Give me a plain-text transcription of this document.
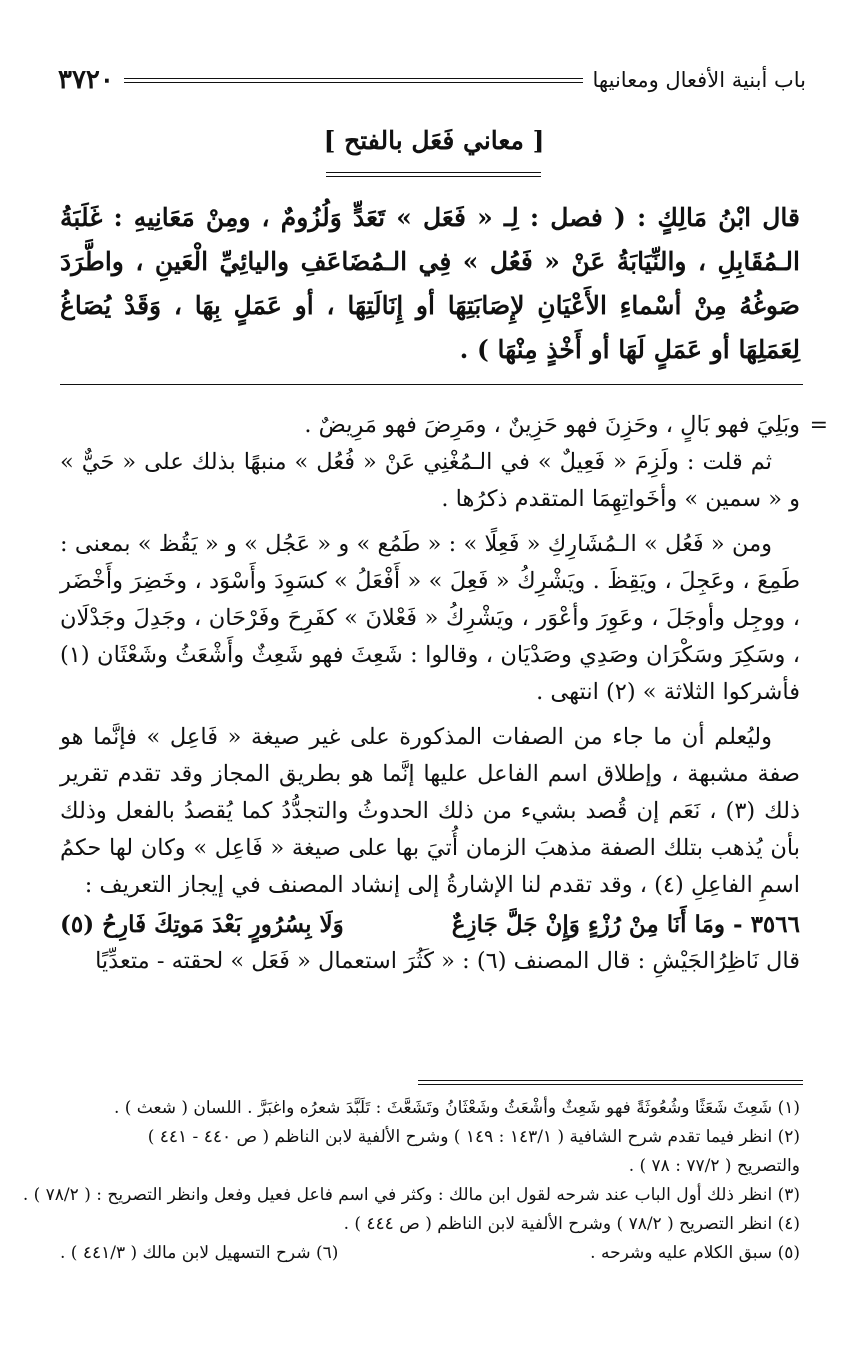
باب أبنية الأفعال ومعانيها
٣٧٢٠
[ معاني فَعَل بالفتح ]
قال ابْنُ مَالِكٍ : ( فصل : لِـ « فَعَل » تَعَدٍّ وَلُزُومٌ ، ومِنْ مَعَانِيهِ : غَلَبَةُ الـمُقَابِلِ ، والنِّيَابَةُ عَنْ « فَعُل » فِي الـمُضَاعَفِ واليائِيِّ الْعَينِ ، واطَّرَدَ صَوغُهُ مِنْ أسْماءِ الأَعْيَانِ لإِصَابَتِهَا أو إِنَالَتِهَا ، أو عَمَلٍ بِهَا ، وَقَدْ يُصَاغُ لِعَمَلِهَا أو عَمَلٍ لَهَا أو أَخْذٍ مِنْهَا ) .
=

وبَلِيَ فهو بَالٍ ، وحَزِنَ فهو حَزِينٌ ، ومَرِضَ فهو مَرِيضٌ .

ثم قلت : ولَزِمَ « فَعِيلٌ » في الـمُغْنِي عَنْ « فُعُل » منبهًا بذلك على « حَيٌّ » و « سمين » وأخَواتِهِمَا المتقدم ذكرُها .

ومن « فَعُل » الـمُشَارِكِ « فَعِلًا » : « طَمُع » و « عَجُل » و « يَقُظ » بمعنى : طَمِعَ ، وعَجِلَ ، ويَقِظَ . ويَشْرِكُ « فَعِلَ » « أَفْعَلُ » كسَوِدَ وأَسْوَد ، وخَضِرَ وأَخْضَر ، ووجِل وأوجَلَ ، وعَوِرَ وأعْوَر ، ويَشْرِكُ « فَعْلانَ » كفَرِحَ وفَرْحَان ، وجَدِلَ وجَدْلَان ، وسَكِرَ وسَكْرَان وصَدِي وصَدْيَان ، وقالوا : شَعِثَ فهو شَعِثٌ وأَشْعَثُ وشَعْثَان (١) فأشركوا الثلاثة » (٢) انتهى .

وليُعلم أن ما جاء من الصفات المذكورة على غير صيغة « فَاعِل » فإنَّما هو صفة مشبهة ، وإطلاق اسم الفاعل عليها إنَّما هو بطريق المجاز وقد تقدم تقرير ذلك (٣) ، نَعَم إن قُصد بشيء من ذلك الحدوثُ والتجدُّدُ كما يُقصدُ بالفعل وذلك بأن يُذهب بتلك الصفة مذهبَ الزمان أُتيَ بها على صيغة « فَاعِل » وكان لها حكمُ اسمِ الفاعِلِ (٤) ، وقد تقدم لنا الإشارةُ إلى إنشاد المصنف في إيجاز التعريف :

٣٥٦٦ - ومَا أَنَا مِنْ رُزْءٍ وَإِنْ جَلَّ جَازِعٌ
وَلَا بِسُرُورٍ بَعْدَ مَوتِكَ فَارِحُ (٥)

قال نَاظِرُالجَيْشِ : قال المصنف (٦) : « كَثُرَ استعمال « فَعَل » لحقته - متعدِّيًا

(١) شَعِثَ شَعَثًا وشُعُوثَةً فهو شَعِثٌ وأشْعَثُ وشَعْثَانُ وتَشَعَّثَ : تَلَبَّدَ شعرُه واغبَرَّ . اللسان ( شعث ) .
(٢) انظر فيما تقدم شرح الشافية ( ١٤٣/١ : ١٤٩ ) وشرح الألفية لابن الناظم ( ص ٤٤٠ - ٤٤١ )
والتصريح ( ٧٧/٢ : ٧٨ ) .
(٣) انظر ذلك أول الباب عند شرحه لقول ابن مالك : وكثر في اسم فاعل فعيل وفعل وانظر التصريح : ( ٧٨/٢ ) .
(٤) انظر التصريح ( ٧٨/٢ ) وشرح الألفية لابن الناظم ( ص ٤٤٤ ) .
(٥) سبق الكلام عليه وشرحه .
(٦) شرح التسهيل لابن مالك ( ٤٤١/٣ ) .
